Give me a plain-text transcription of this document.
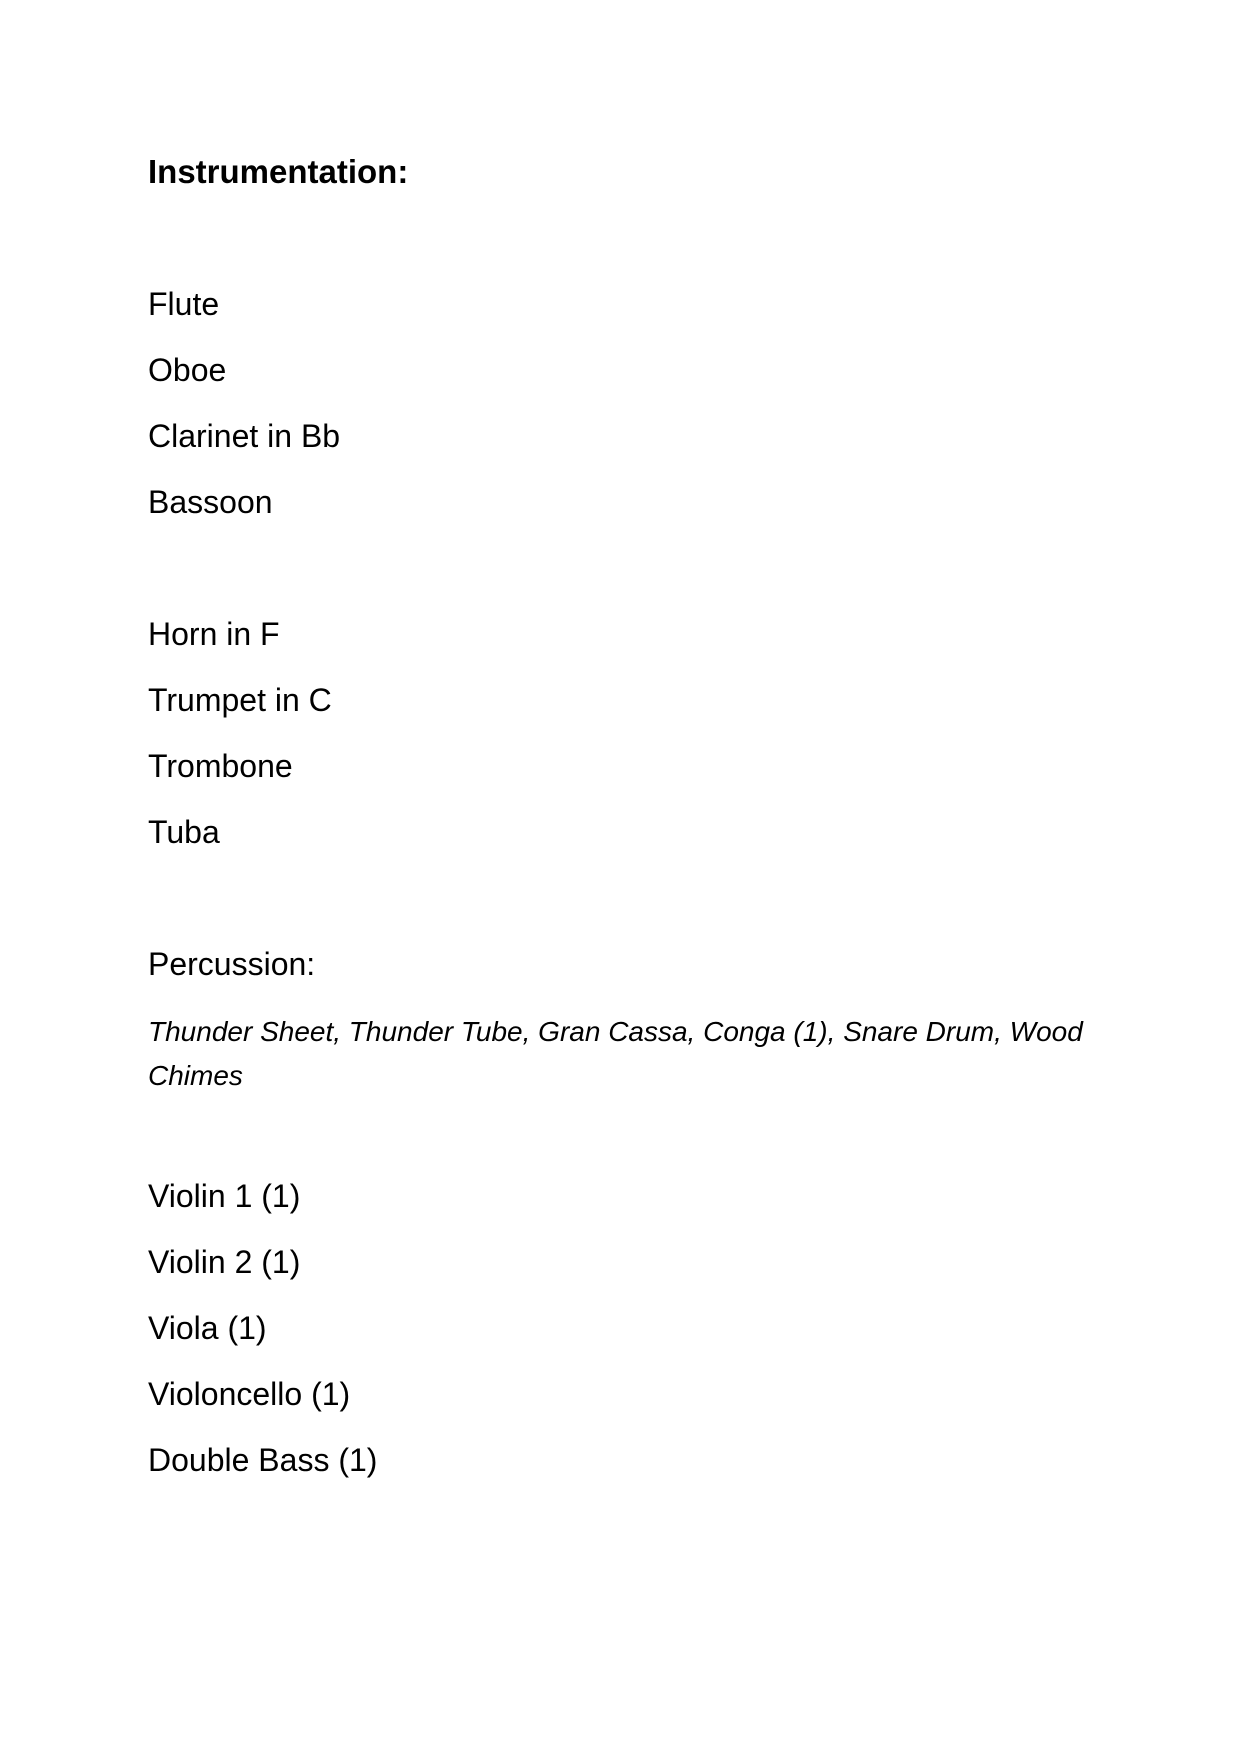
Instrumentation:
Flute
Oboe
Clarinet in Bb
Bassoon
Horn in F
Trumpet in C
Trombone
Tuba
Percussion:
Thunder Sheet, Thunder Tube, Gran Cassa, Conga (1), Snare Drum, Wood Chimes
Violin 1 (1)
Violin 2 (1)
Viola (1)
Violoncello (1)
Double Bass (1)
